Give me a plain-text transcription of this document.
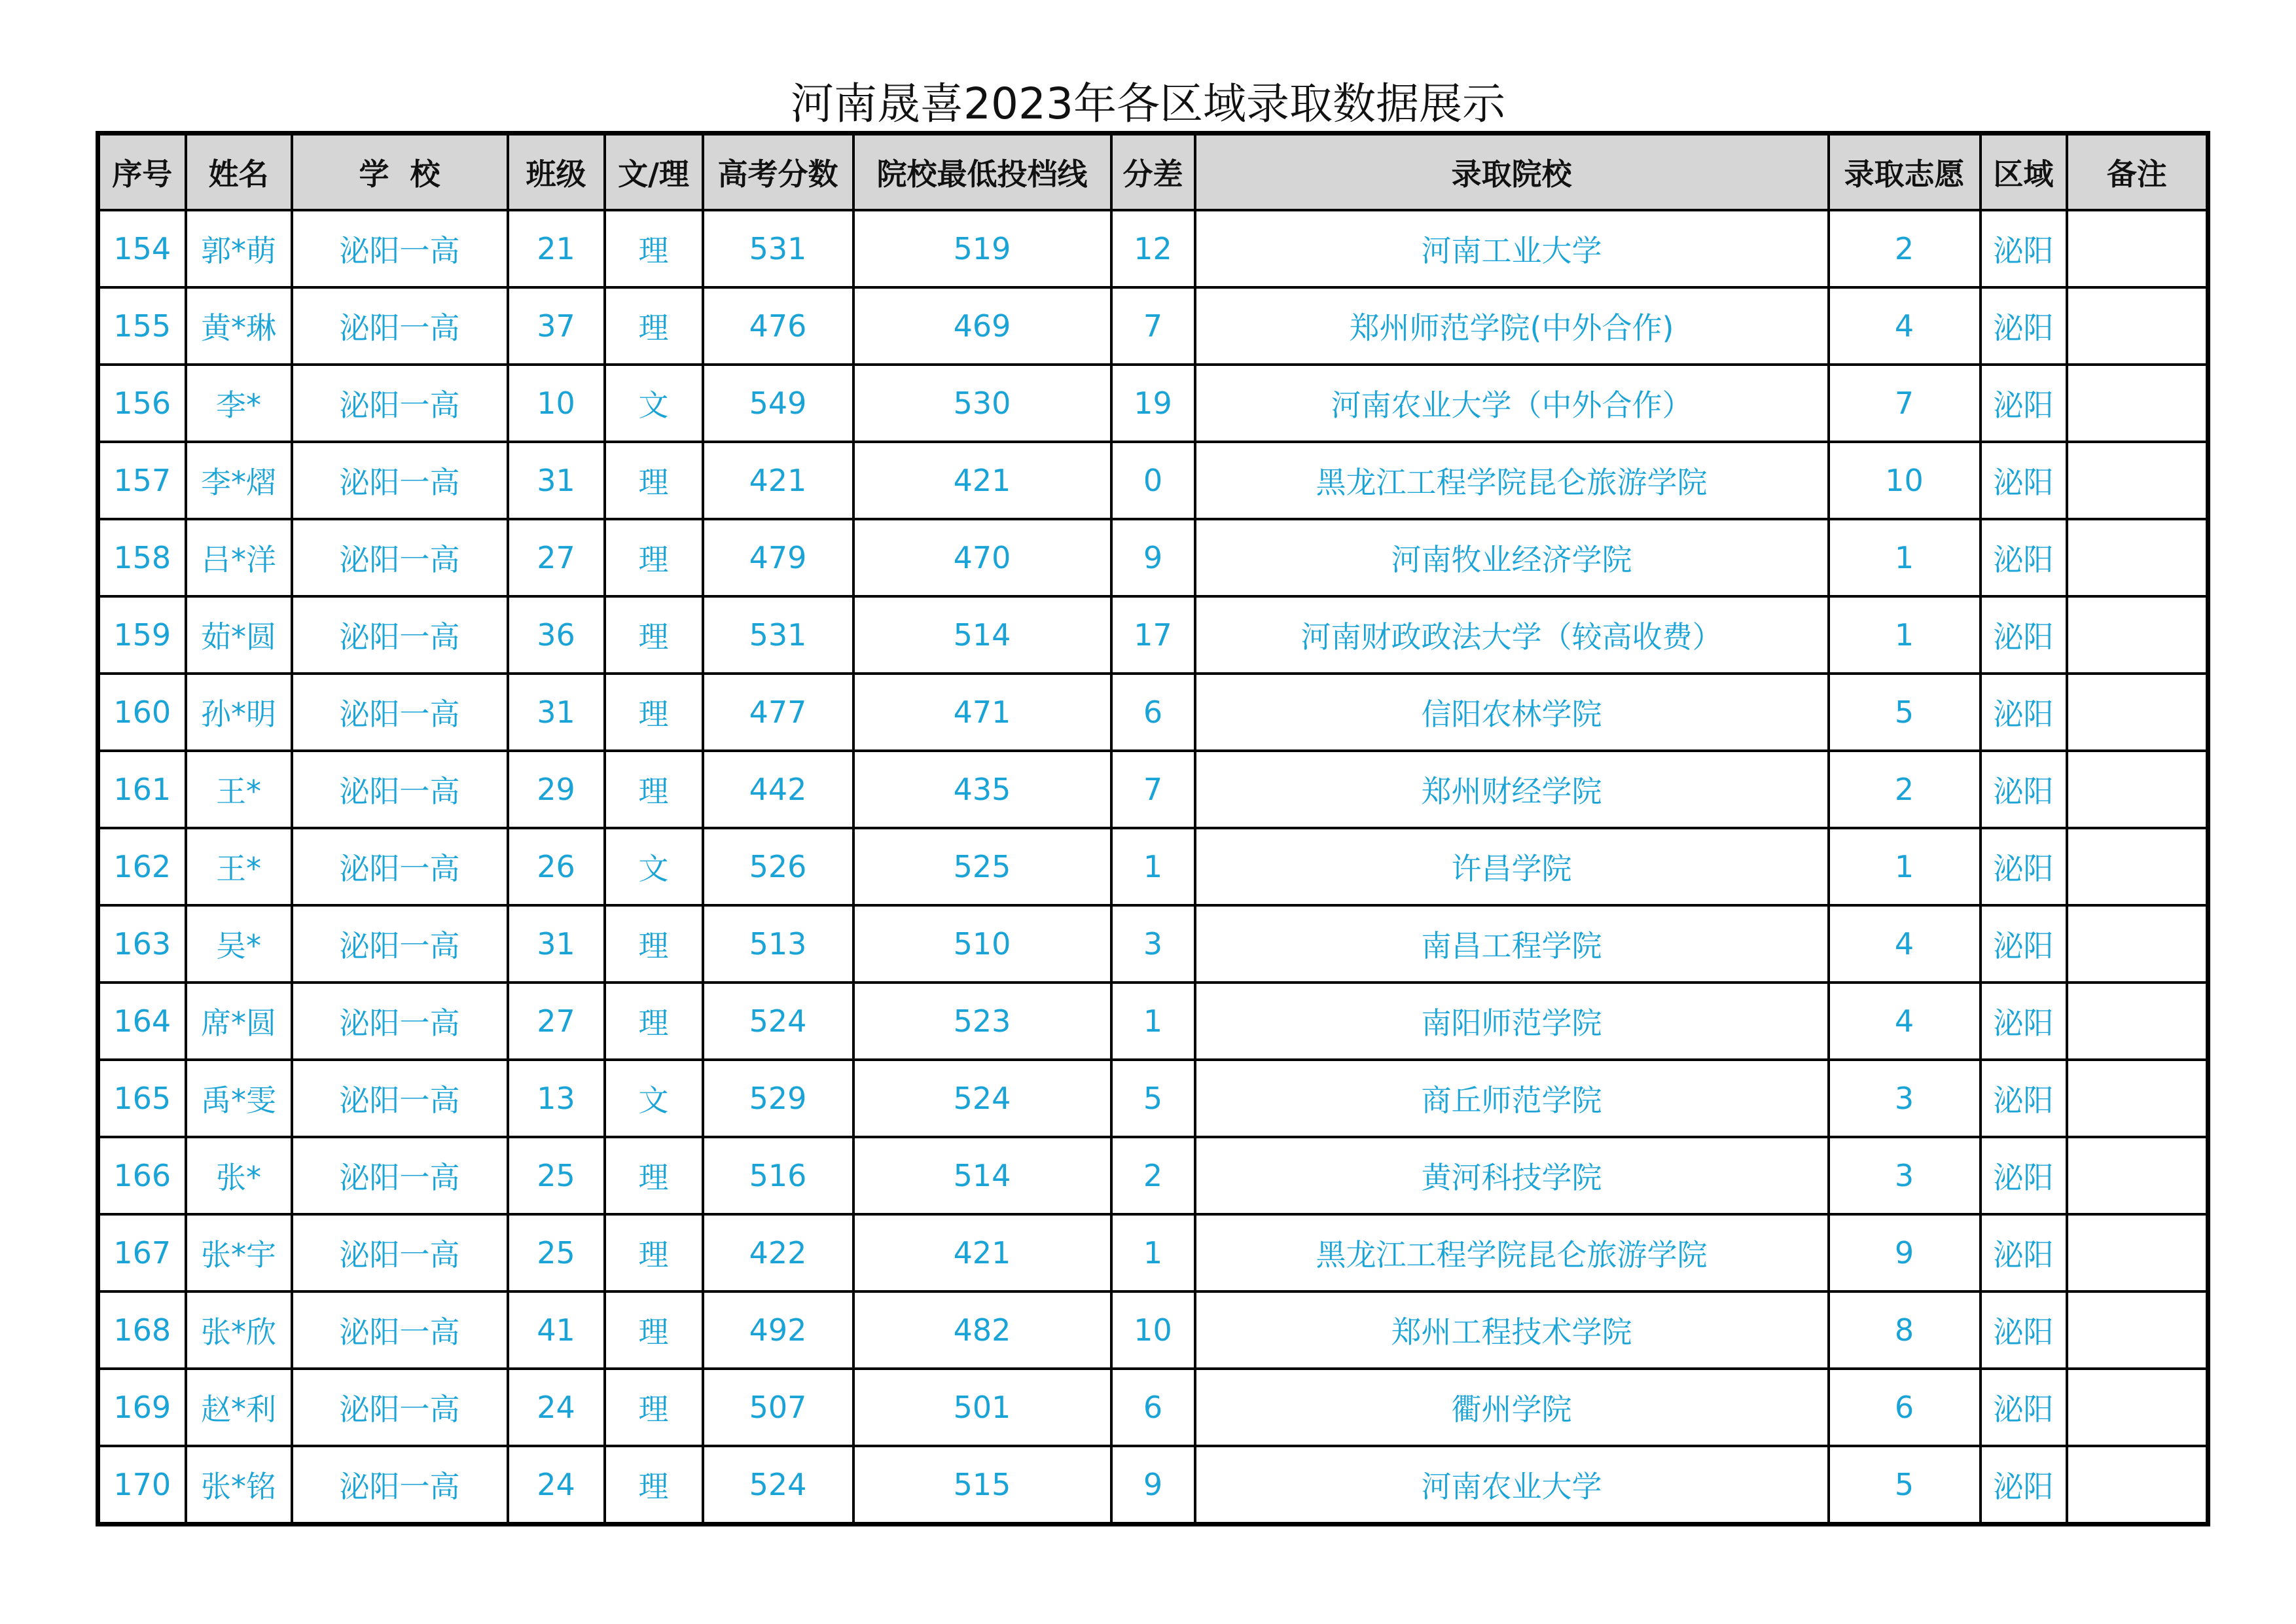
河南晟喜2023年各区域录取数据展示
序号	姓名	学  校	班级	文/理	高考分数	院校最低投档线	分差	录取院校	录取志愿	区域	备注
154	郭*萌	泌阳一高	21	理	531	519	12	河南工业大学	2	泌阳	
155	黄*琳	泌阳一高	37	理	476	469	7	郑州师范学院(中外合作)	4	泌阳	
156	李*	泌阳一高	10	文	549	530	19	河南农业大学（中外合作）	7	泌阳	
157	李*熠	泌阳一高	31	理	421	421	0	黑龙江工程学院昆仑旅游学院	10	泌阳	
158	吕*洋	泌阳一高	27	理	479	470	9	河南牧业经济学院	1	泌阳	
159	茹*圆	泌阳一高	36	理	531	514	17	河南财政政法大学（较高收费）	1	泌阳	
160	孙*明	泌阳一高	31	理	477	471	6	信阳农林学院	5	泌阳	
161	王*	泌阳一高	29	理	442	435	7	郑州财经学院	2	泌阳	
162	王*	泌阳一高	26	文	526	525	1	许昌学院	1	泌阳	
163	吴*	泌阳一高	31	理	513	510	3	南昌工程学院	4	泌阳	
164	席*圆	泌阳一高	27	理	524	523	1	南阳师范学院	4	泌阳	
165	禹*雯	泌阳一高	13	文	529	524	5	商丘师范学院	3	泌阳	
166	张*	泌阳一高	25	理	516	514	2	黄河科技学院	3	泌阳	
167	张*宇	泌阳一高	25	理	422	421	1	黑龙江工程学院昆仑旅游学院	9	泌阳	
168	张*欣	泌阳一高	41	理	492	482	10	郑州工程技术学院	8	泌阳	
169	赵*利	泌阳一高	24	理	507	501	6	衢州学院	6	泌阳	
170	张*铭	泌阳一高	24	理	524	515	9	河南农业大学	5	泌阳	
